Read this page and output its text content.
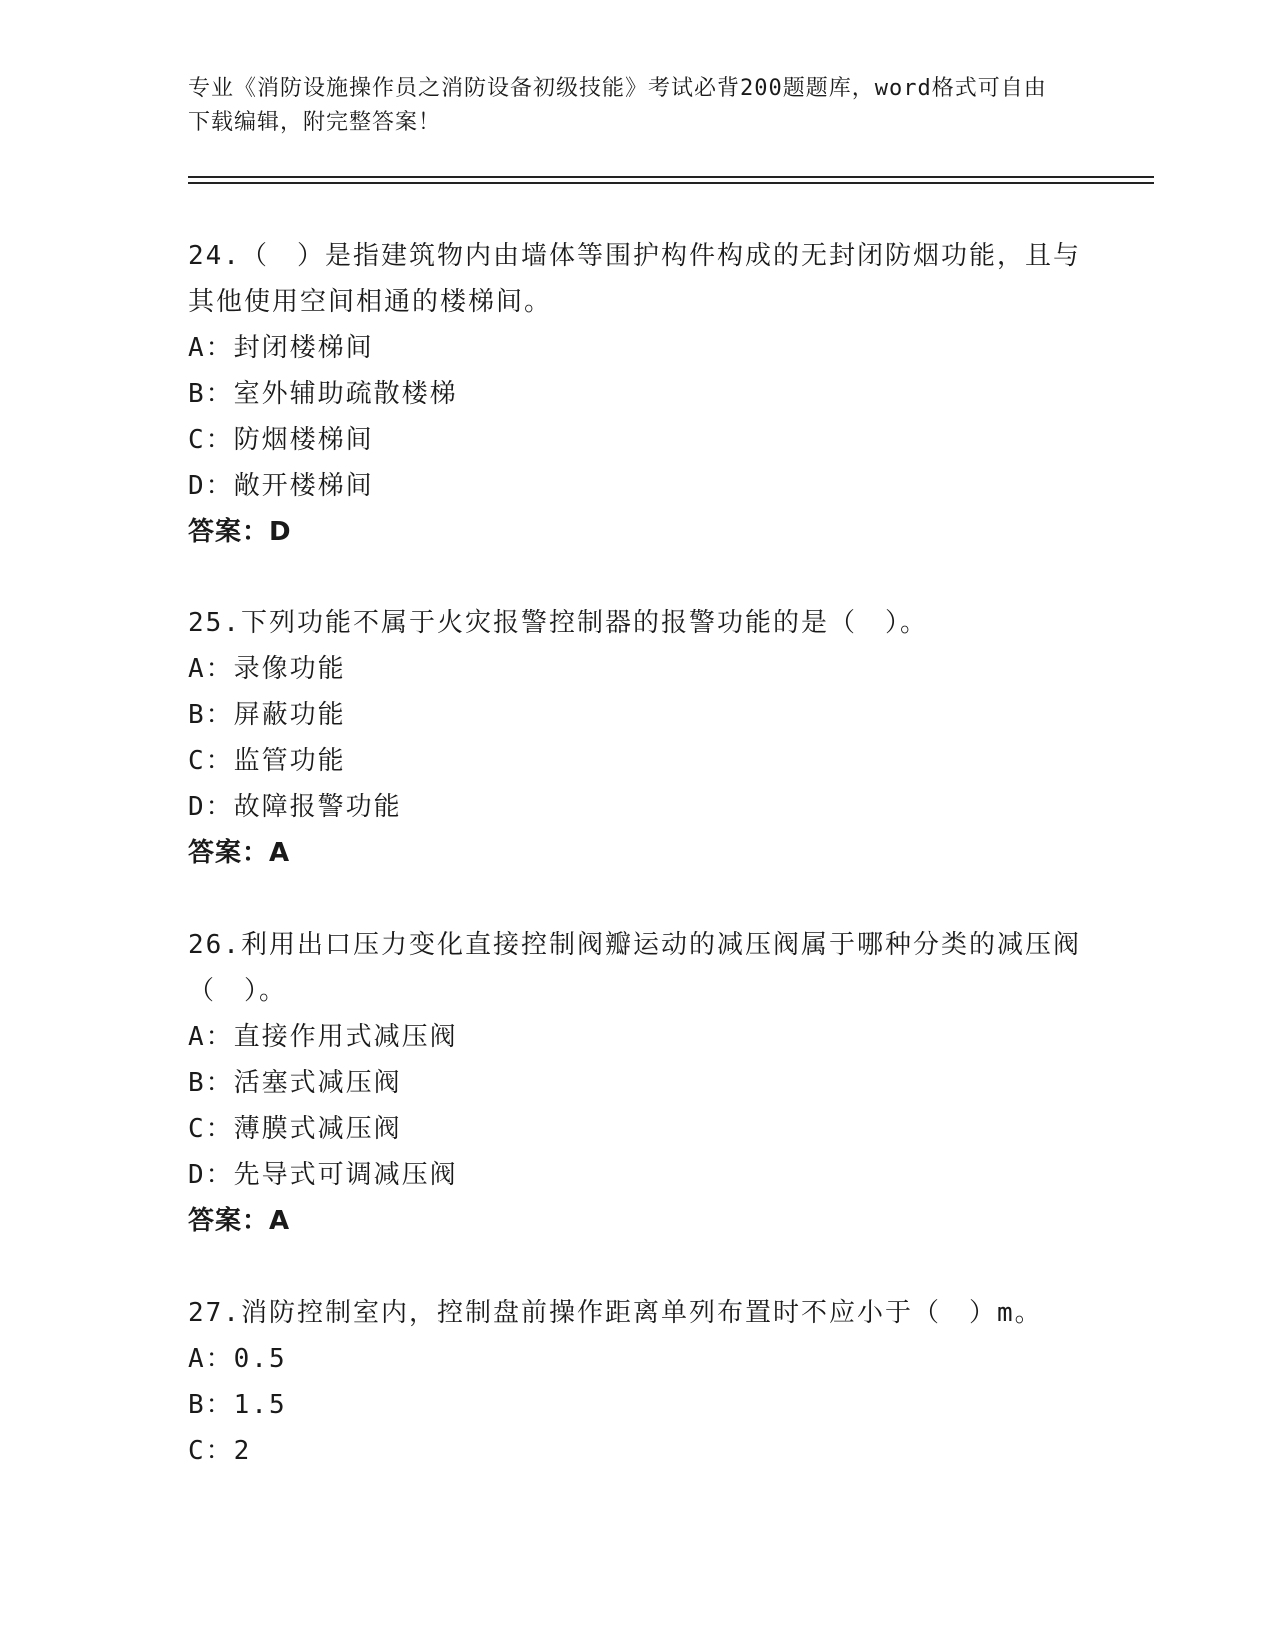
专业《消防设施操作员之消防设备初级技能》考试必背200题题库，word格式可自由下载编辑，附完整答案！
24.（　）是指建筑物内由墙体等围护构件构成的无封闭防烟功能，且与其他使用空间相通的楼梯间。
A：封闭楼梯间
B：室外辅助疏散楼梯
C：防烟楼梯间
D：敞开楼梯间
答案：D
25.下列功能不属于火灾报警控制器的报警功能的是（　）。
A：录像功能
B：屏蔽功能
C：监管功能
D：故障报警功能
答案：A
26.利用出口压力变化直接控制阀瓣运动的减压阀属于哪种分类的减压阀（　）。
A：直接作用式减压阀
B：活塞式减压阀
C：薄膜式减压阀
D：先导式可调减压阀
答案：A
27.消防控制室内，控制盘前操作距离单列布置时不应小于（　）m。
A：0.5
B：1.5
C：2
